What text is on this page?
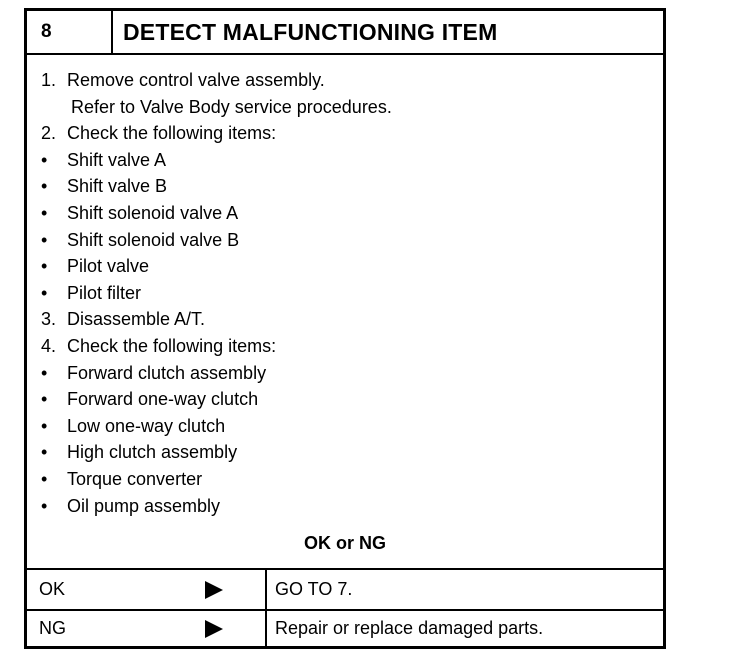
8	DETECT MALFUNCTIONING ITEM
1. Remove control valve assembly.
Refer to Valve Body service procedures.
2. Check the following items:
• Shift valve A
• Shift valve B
• Shift solenoid valve A
• Shift solenoid valve B
• Pilot valve
• Pilot filter
3. Disassemble A/T.
4. Check the following items:
• Forward clutch assembly
• Forward one-way clutch
• Low one-way clutch
• High clutch assembly
• Torque converter
• Oil pump assembly
OK or NG
OK	GO TO 7.
NG	Repair or replace damaged parts.
